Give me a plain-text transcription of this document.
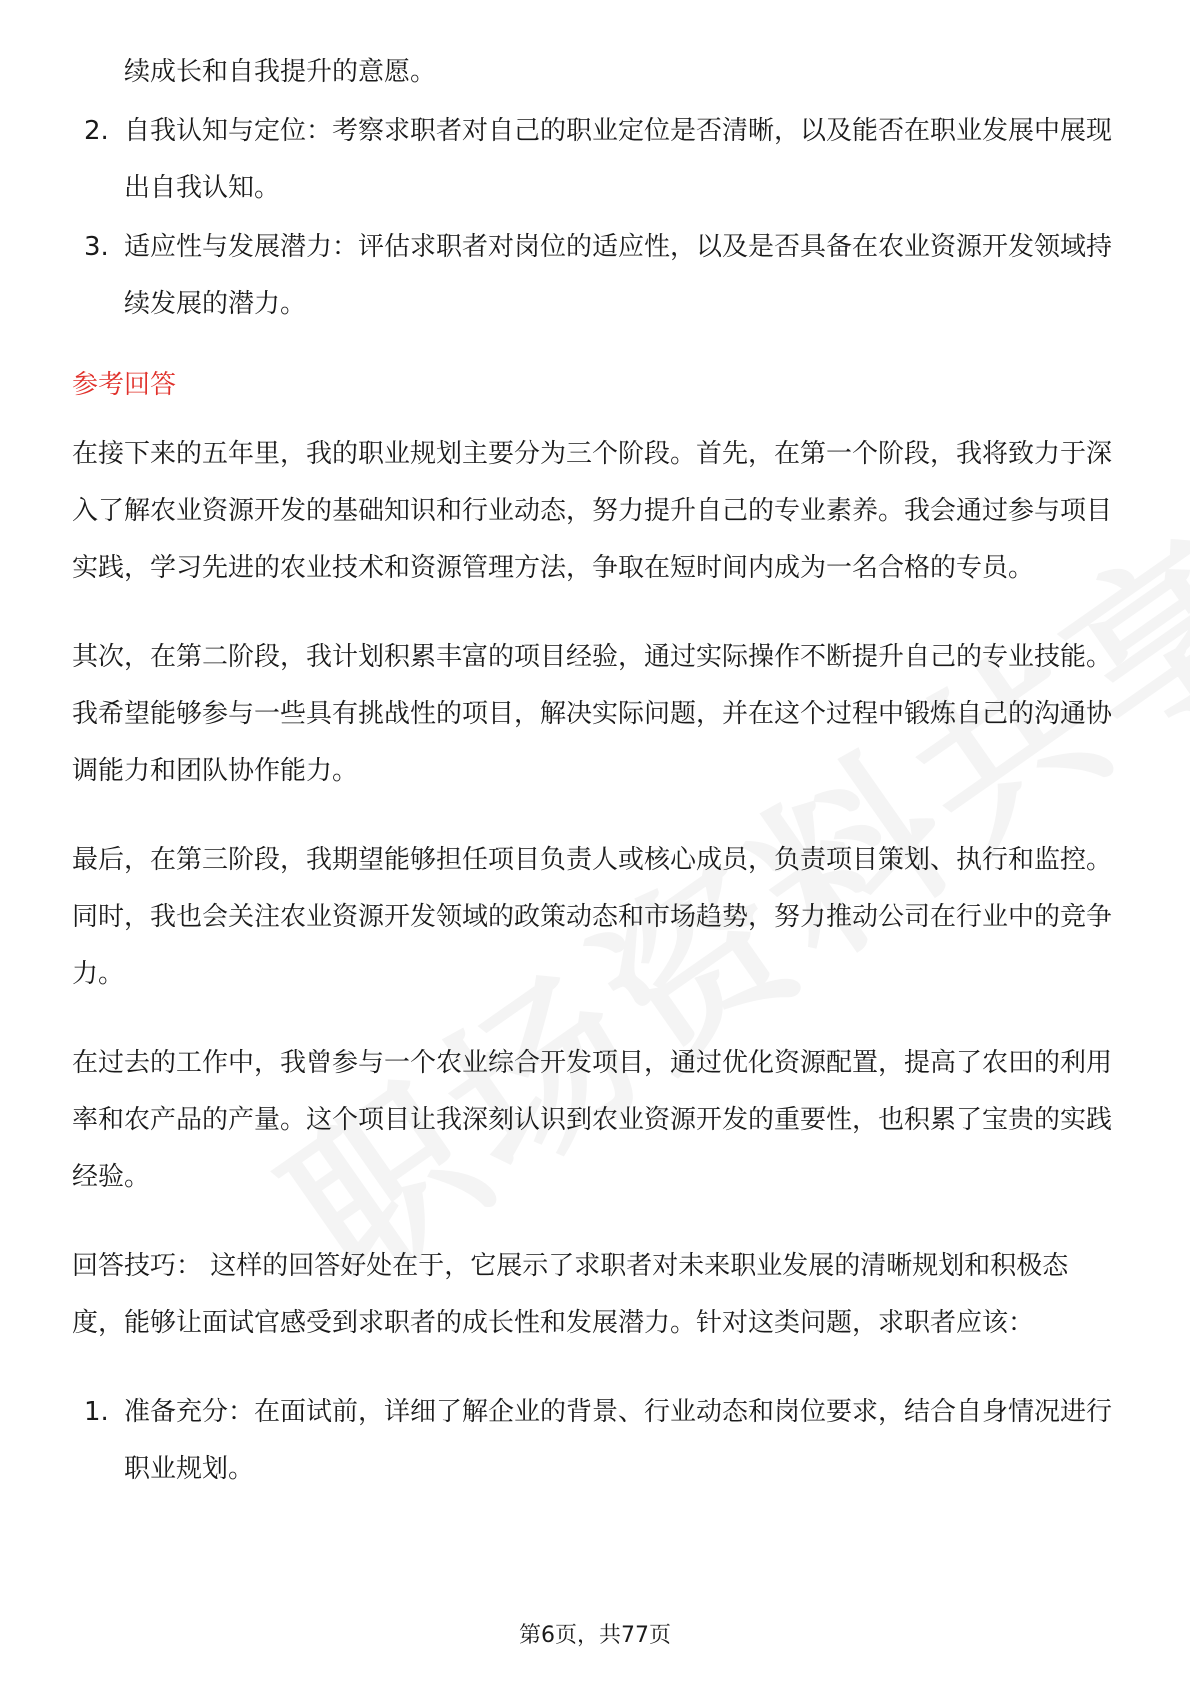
续成长和自我提升的意愿。
2. 自我认知与定位：考察求职者对自己的职业定位是否清晰，以及能否在职业发展中展现出自我认知。
3. 适应性与发展潜力：评估求职者对岗位的适应性，以及是否具备在农业资源开发领域持续发展的潜力。
参考回答

在接下来的五年里，我的职业规划主要分为三个阶段。首先，在第一个阶段，我将致力于深入了解农业资源开发的基础知识和行业动态，努力提升自己的专业素养。我会通过参与项目实践，学习先进的农业技术和资源管理方法，争取在短时间内成为一名合格的专员。

其次，在第二阶段，我计划积累丰富的项目经验，通过实际操作不断提升自己的专业技能。我希望能够参与一些具有挑战性的项目，解决实际问题，并在这个过程中锻炼自己的沟通协调能力和团队协作能力。

最后，在第三阶段，我期望能够担任项目负责人或核心成员，负责项目策划、执行和监控。同时，我也会关注农业资源开发领域的政策动态和市场趋势，努力推动公司在行业中的竞争力。

在过去的工作中，我曾参与一个农业综合开发项目，通过优化资源配置，提高了农田的利用率和农产品的产量。这个项目让我深刻认识到农业资源开发的重要性，也积累了宝贵的实践经验。

回答技巧： 这样的回答好处在于，它展示了求职者对未来职业发展的清晰规划和积极态度，能够让面试官感受到求职者的成长性和发展潜力。针对这类问题，求职者应该：

1. 准备充分：在面试前，详细了解企业的背景、行业动态和岗位要求，结合自身情况进行职业规划。
第6页，共77页
